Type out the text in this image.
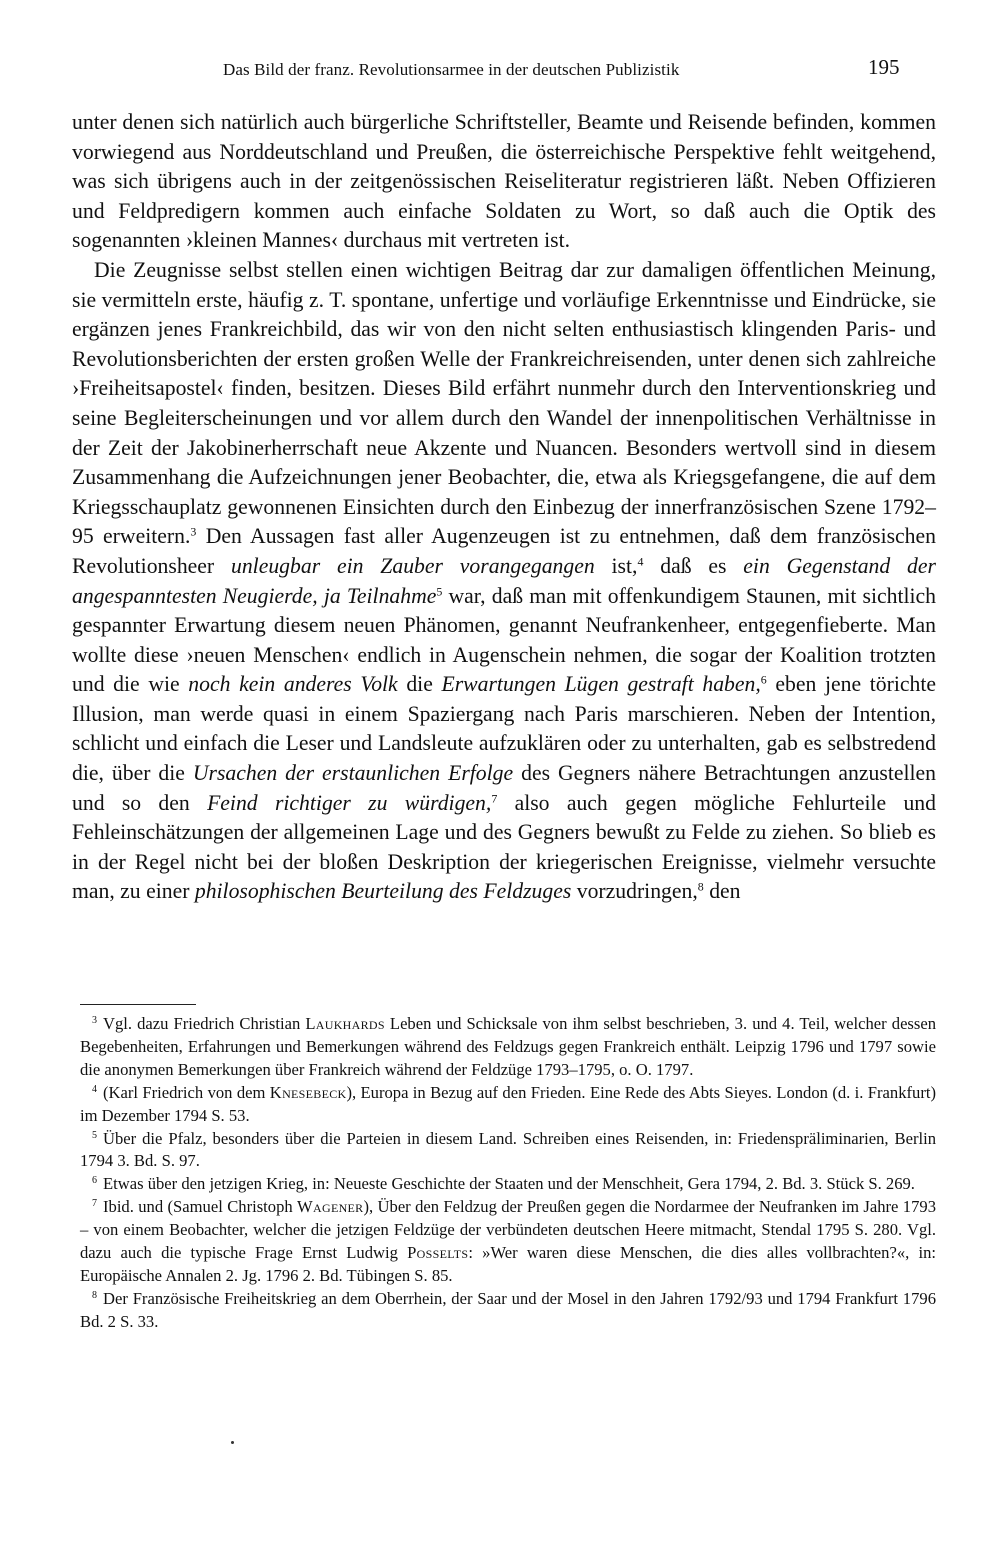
Das Bild der franz. Revolutionsarmee in der deutschen Publizistik	195

unter denen sich natürlich auch bürgerliche Schriftsteller, Beamte und Reisende befinden, kommen vorwiegend aus Norddeutschland und Preußen, die österreichische Perspektive fehlt weitgehend, was sich übrigens auch in der zeitgenössischen Reiseliteratur registrieren läßt. Neben Offizieren und Feldpredigern kommen auch einfache Soldaten zu Wort, so daß auch die Optik des sogenannten ›kleinen Mannes‹ durchaus mit vertreten ist.

Die Zeugnisse selbst stellen einen wichtigen Beitrag dar zur damaligen öffentlichen Meinung, sie vermitteln erste, häufig z. T. spontane, unfertige und vorläufige Erkenntnisse und Eindrücke, sie ergänzen jenes Frankreichbild, das wir von den nicht selten enthusiastisch klingenden Paris- und Revolutionsberichten der ersten großen Welle der Frankreichreisenden, unter denen sich zahlreiche ›Freiheitsapostel‹ finden, besitzen. Dieses Bild erfährt nunmehr durch den Interventionskrieg und seine Begleiterscheinungen und vor allem durch den Wandel der innenpolitischen Verhältnisse in der Zeit der Jakobinerherrschaft neue Akzente und Nuancen. Besonders wertvoll sind in diesem Zusammenhang die Aufzeichnungen jener Beobachter, die, etwa als Kriegsgefangene, die auf dem Kriegsschauplatz gewonnenen Einsichten durch den Einbezug der innerfranzösischen Szene 1792–95 erweitern.$^3$ Den Aussagen fast aller Augenzeugen ist zu entnehmen, daß dem französischen Revolutionsheer unleugbar ein Zauber vorangegangen ist,$^4$ daß es ein Gegenstand der angespanntesten Neugierde, ja Teilnahme$^5$ war, daß man mit offenkundigem Staunen, mit sichtlich gespannter Erwartung diesem neuen Phänomen, genannt Neufrankenheer, entgegenfieberte. Man wollte diese ›neuen Menschen‹ endlich in Augenschein nehmen, die sogar der Koalition trotzten und die wie noch kein anderes Volk die Erwartungen Lügen gestraft haben,$^6$ eben jene törichte Illusion, man werde quasi in einem Spaziergang nach Paris marschieren. Neben der Intention, schlicht und einfach die Leser und Landsleute aufzuklären oder zu unterhalten, gab es selbstredend die, über die Ursachen der erstaunlichen Erfolge des Gegners nähere Betrachtungen anzustellen und so den Feind richtiger zu würdigen,$^7$ also auch gegen mögliche Fehlurteile und Fehleinschätzungen der allgemeinen Lage und des Gegners bewußt zu Felde zu ziehen. So blieb es in der Regel nicht bei der bloßen Deskription der kriegerischen Ereignisse, vielmehr versuchte man, zu einer philosophischen Beurteilung des Feldzuges vorzudringen,$^8$ den

3 Vgl. dazu Friedrich Christian Laukhards Leben und Schicksale von ihm selbst beschrieben, 3. und 4. Teil, welcher dessen Begebenheiten, Erfahrungen und Bemerkungen während des Feldzugs gegen Frankreich enthält. Leipzig 1796 und 1797 sowie die anonymen Bemerkungen über Frankreich während der Feldzüge 1793–1795, o. O. 1797.

4 (Karl Friedrich von dem Knesebeck), Europa in Bezug auf den Frieden. Eine Rede des Abts Sieyes. London (d. i. Frankfurt) im Dezember 1794 S. 53.

5 Über die Pfalz, besonders über die Parteien in diesem Land. Schreiben eines Reisenden, in: Friedenspräliminarien, Berlin 1794 3. Bd. S. 97.

6 Etwas über den jetzigen Krieg, in: Neueste Geschichte der Staaten und der Menschheit, Gera 1794, 2. Bd. 3. Stück S. 269.

7 Ibid. und (Samuel Christoph Wagener), Über den Feldzug der Preußen gegen die Nordarmee der Neufranken im Jahre 1793 – von einem Beobachter, welcher die jetzigen Feldzüge der verbündeten deutschen Heere mitmacht, Stendal 1795 S. 280. Vgl. dazu auch die typische Frage Ernst Ludwig Posselts: »Wer waren diese Menschen, die dies alles vollbrachten?«, in: Europäische Annalen 2. Jg. 1796 2. Bd. Tübingen S. 85.

8 Der Französische Freiheitskrieg an dem Oberrhein, der Saar und der Mosel in den Jahren 1792/93 und 1794 Frankfurt 1796 Bd. 2 S. 33.
